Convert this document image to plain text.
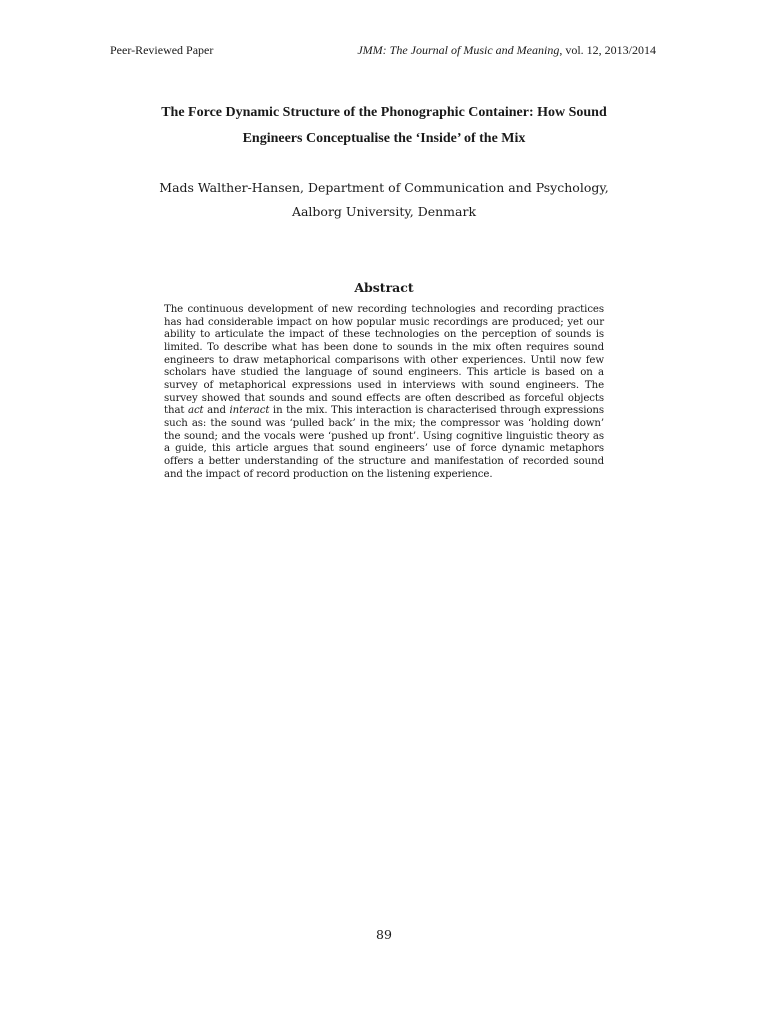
Peer-Reviewed Paper	JMM: The Journal of Music and Meaning, vol. 12, 2013/2014
The Force Dynamic Structure of the Phonographic Container: How Sound
Engineers Conceptualise the ‘Inside’ of the Mix
Mads Walther-Hansen, Department of Communication and Psychology,
Aalborg University, Denmark
Abstract
The continuous development of new recording technologies and recording practices has had considerable impact on how popular music recordings are produced; yet our ability to articulate the impact of these technologies on the perception of sounds is limited. To describe what has been done to sounds in the mix often requires sound engineers to draw metaphorical comparisons with other experiences. Until now few scholars have studied the language of sound engineers. This article is based on a survey of metaphorical expressions used in interviews with sound engineers. The survey showed that sounds and sound effects are often described as forceful objects that act and interact in the mix. This interaction is characterised through expressions such as: the sound was ‘pulled back’ in the mix; the compressor was ‘holding down’ the sound; and the vocals were ‘pushed up front’. Using cognitive linguistic theory as a guide, this article argues that sound engineers’ use of force dynamic metaphors offers a better understanding of the structure and manifestation of recorded sound and the impact of record production on the listening experience.
89
